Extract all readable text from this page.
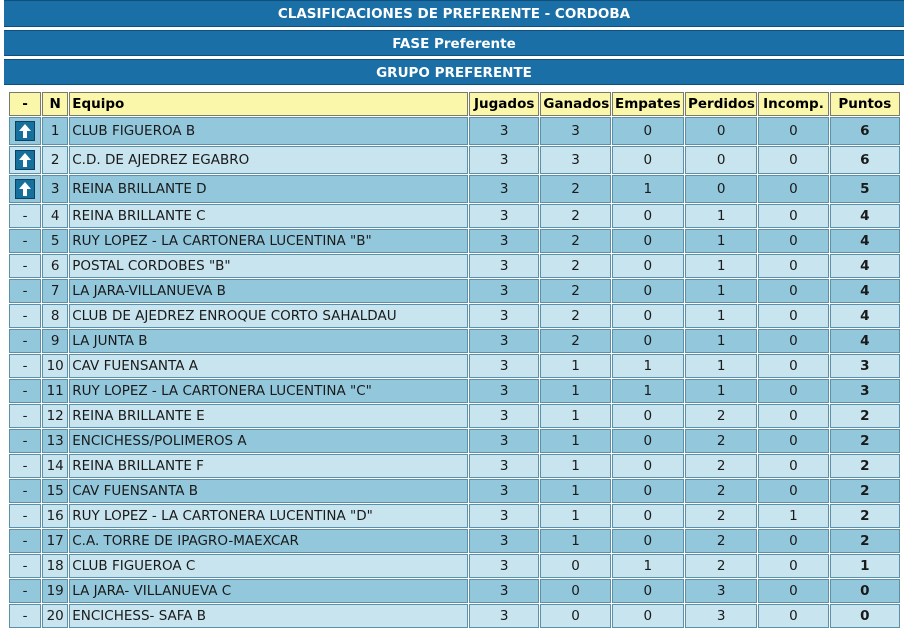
CLASIFICACIONES DE PREFERENTE - CORDOBA
FASE Preferente
GRUPO PREFERENTE
-	N	Equipo	Jugados	Ganados	Empates	Perdidos	Incomp.	Puntos

	1	CLUB FIGUEROA B	3	3	0	0	0	6

	2	C.D. DE AJEDREZ EGABRO	3	3	0	0	0	6

	3	REINA BRILLANTE D	3	2	1	0	0	5
-	4	REINA BRILLANTE C	3	2	0	1	0	4
-	5	RUY LOPEZ - LA CARTONERA LUCENTINA "B"	3	2	0	1	0	4
-	6	POSTAL CORDOBES "B"	3	2	0	1	0	4
-	7	LA JARA-VILLANUEVA B	3	2	0	1	0	4
-	8	CLUB DE AJEDREZ ENROQUE CORTO SAHALDAU	3	2	0	1	0	4
-	9	LA JUNTA B	3	2	0	1	0	4
-	10	CAV FUENSANTA A	3	1	1	1	0	3
-	11	RUY LOPEZ - LA CARTONERA LUCENTINA "C"	3	1	1	1	0	3
-	12	REINA BRILLANTE E	3	1	0	2	0	2
-	13	ENCICHESS/POLIMEROS A	3	1	0	2	0	2
-	14	REINA BRILLANTE F	3	1	0	2	0	2
-	15	CAV FUENSANTA B	3	1	0	2	0	2
-	16	RUY LOPEZ - LA CARTONERA LUCENTINA "D"	3	1	0	2	1	2
-	17	C.A. TORRE DE IPAGRO-MAEXCAR	3	1	0	2	0	2
-	18	CLUB FIGUEROA C	3	0	1	2	0	1
-	19	LA JARA- VILLANUEVA C	3	0	0	3	0	0
-	20	ENCICHESS- SAFA B	3	0	0	3	0	0
